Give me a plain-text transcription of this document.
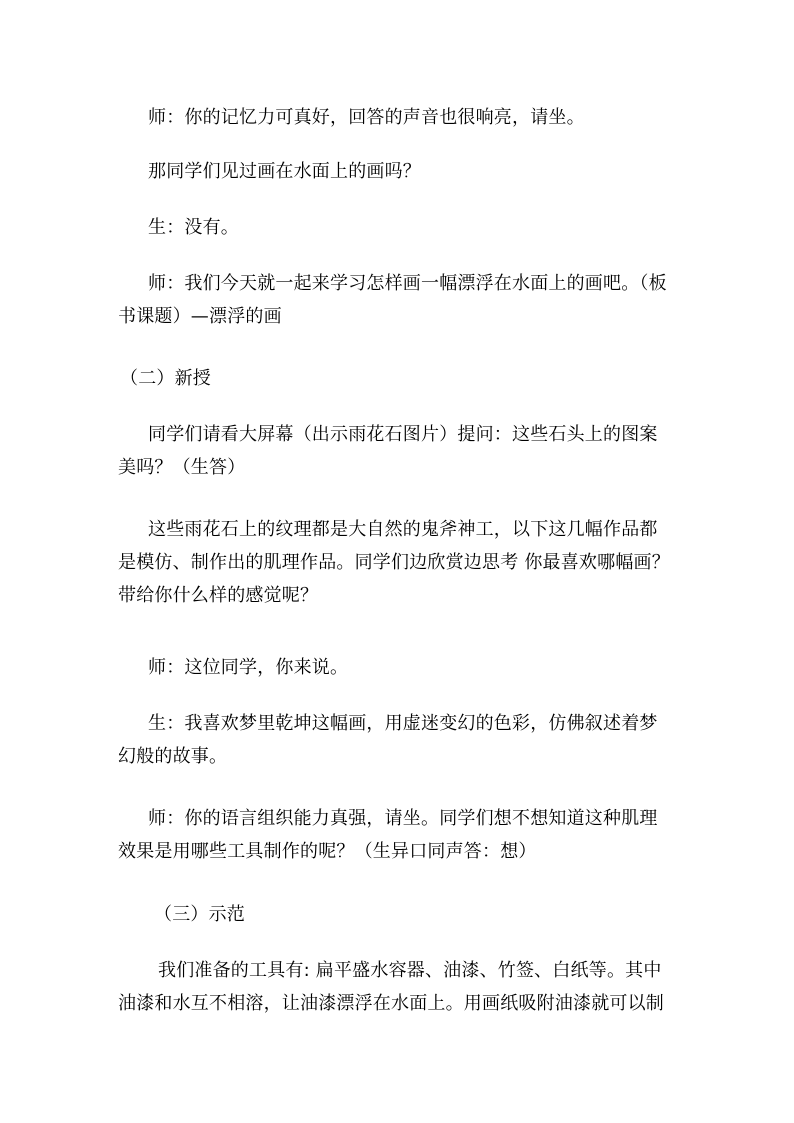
师：你的记忆力可真好，回答的声音也很响亮，请坐。
那同学们见过画在水面上的画吗？
生：没有。
师：我们今天就一起来学习怎样画一幅漂浮在水面上的画吧。（板
书课题）—漂浮的画
（二）新授
同学们请看大屏幕（出示雨花石图片）提问：这些石头上的图案
美吗？（生答）
这些雨花石上的纹理都是大自然的鬼斧神工，以下这几幅作品都
是模仿、制作出的肌理作品。同学们边欣赏边思考 你最喜欢哪幅画？
带给你什么样的感觉呢？
师：这位同学，你来说。
生：我喜欢梦里乾坤这幅画，用虚迷变幻的色彩，仿佛叙述着梦
幻般的故事。
师：你的语言组织能力真强，请坐。同学们想不想知道这种肌理
效果是用哪些工具制作的呢？（生异口同声答：想）
（三）示范
我们准备的工具有: 扁平盛水容器、油漆、竹签、白纸等。其中
油漆和水互不相溶，让油漆漂浮在水面上。用画纸吸附油漆就可以制
